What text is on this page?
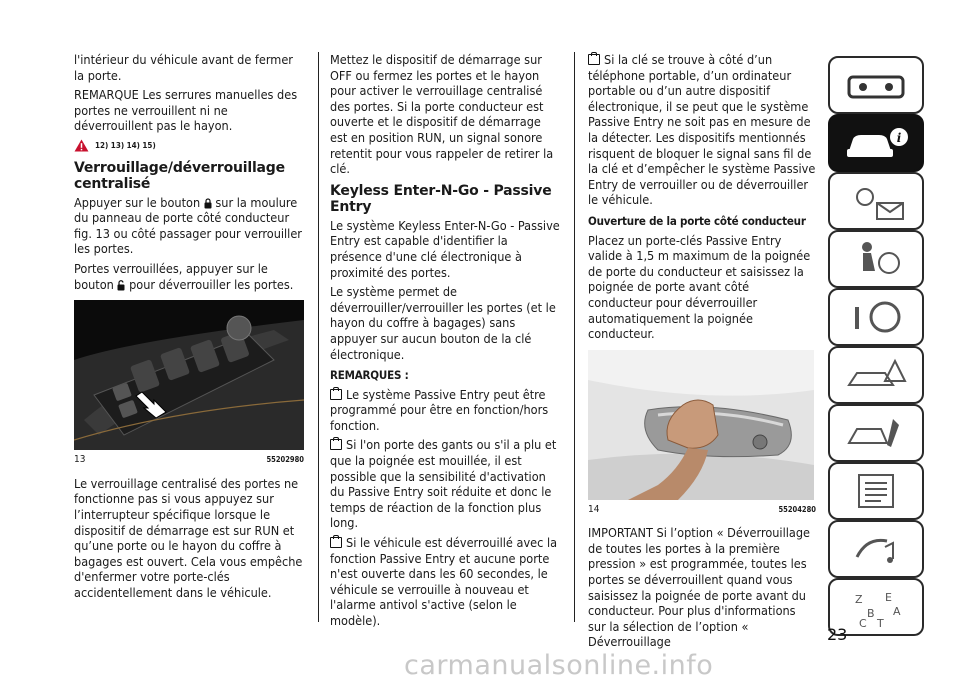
l'intérieur du véhicule avant de fermer la porte.

REMARQUE Les serrures manuelles des portes ne verrouillent ni ne déverrouillent pas le hayon.

12) 13) 14) 15)
Verrouillage/déverrouillage centralisé

Appuyer sur le bouton sur la moulure du panneau de porte côté conducteur fig. 13 ou côté passager pour verrouiller les portes.

Portes verrouillées, appuyer sur le bouton pour déverrouiller les portes.

13	55202980

Le verrouillage centralisé des portes ne fonctionne pas si vous appuyez sur l’interrupteur spécifique lorsque le dispositif de démarrage est sur RUN et qu’une porte ou le hayon du coffre à bagages est ouvert. Cela vous empêche d'enfermer votre porte-clés accidentellement dans le véhicule.

Mettez le dispositif de démarrage sur OFF ou fermez les portes et le hayon pour activer le verrouillage centralisé des portes. Si la porte conducteur est ouverte et le dispositif de démarrage est en position RUN, un signal sonore retentit pour vous rappeler de retirer la clé.

Keyless Enter-N-Go - Passive Entry

Le système Keyless Enter-N-Go - Passive Entry est capable d'identifier la présence d'une clé électronique à proximité des portes.

Le système permet de déverrouiller/verrouiller les portes (et le hayon du coffre à bagages) sans appuyer sur aucun bouton de la clé électronique.

REMARQUES :

Le système Passive Entry peut être programmé pour être en fonction/hors fonction.

Si l'on porte des gants ou s'il a plu et que la poignée est mouillée, il est possible que la sensibilité d'activation du Passive Entry soit réduite et donc le temps de réaction de la fonction plus long.

Si le véhicule est déverrouillé avec la fonction Passive Entry et aucune porte n'est ouverte dans les 60 secondes, le véhicule se verrouille à nouveau et l'alarme antivol s'active (selon le modèle).

Si la clé se trouve à côté d’un téléphone portable, d’un ordinateur portable ou d’un autre dispositif électronique, il se peut que le système Passive Entry ne soit pas en mesure de la détecter. Les dispositifs mentionnés risquent de bloquer le signal sans fil de la clé et d’empêcher le système Passive Entry de verrouiller ou de déverrouiller le véhicule.

Ouverture de la porte côté conducteur

Placez un porte-clés Passive Entry valide à 1,5 m maximum de la poignée de porte du conducteur et saisissez la poignée de porte avant côté conducteur pour déverrouiller automatiquement la poignée conducteur.

14	55204280

IMPORTANT Si l’option « Déverrouillage de toutes les portes à la première pression » est programmée, toutes les portes se déverrouillent quand vous saisissez la poignée de porte avant du conducteur. Pour plus d'informations sur la sélection de l’option « Déverrouillage

i
Z E
B A
C T
23
carmanualsonline.info
